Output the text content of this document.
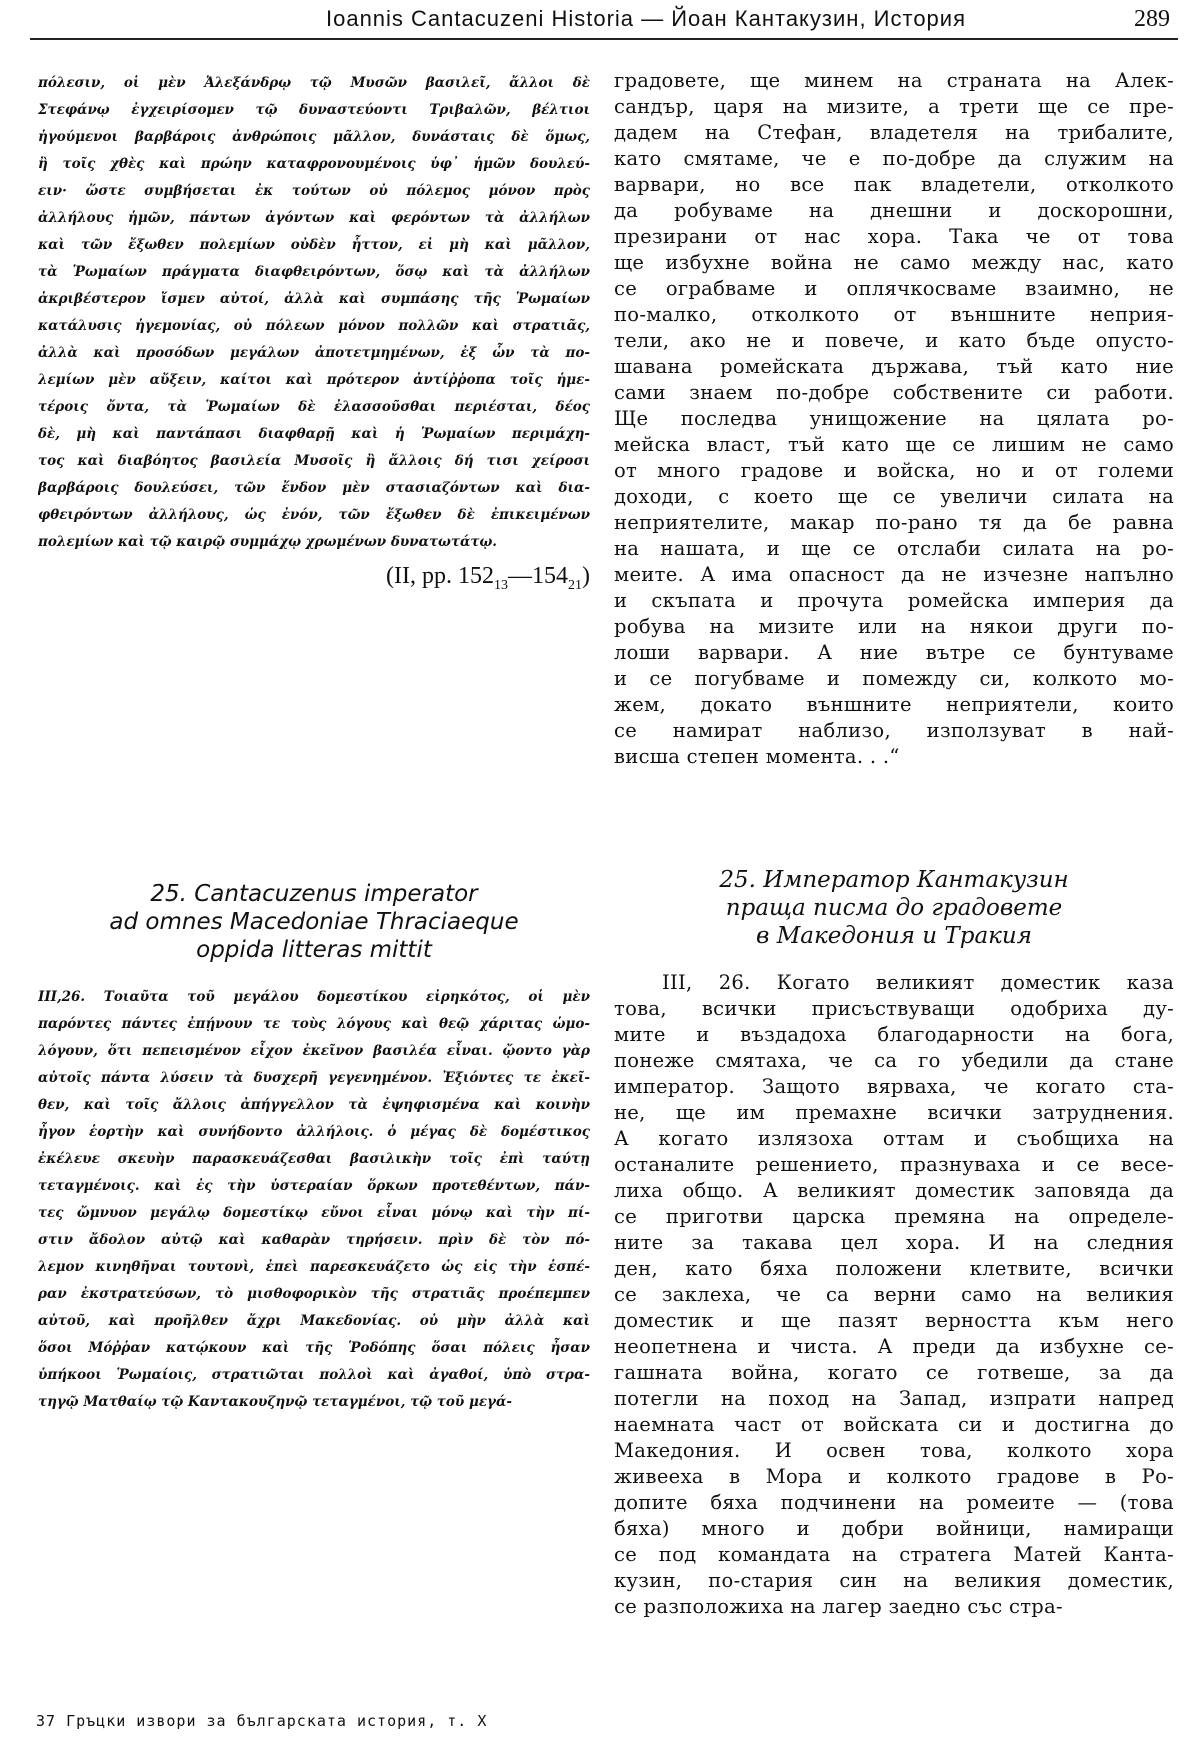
Ioannis Cantacuzeni Historia — Йоан Кантакузин, История	289

πόλεσιν, οἱ μὲν Ἀλεξάνδρῳ τῷ Μυσῶν βασιλεῖ, ἄλλοι δὲ
Στεφάνῳ ἐγχειρίσομεν τῷ δυναστεύοντι Τριβαλῶν, βέλτιοι
ἡγούμενοι βαρβάροις ἀνθρώποις μᾶλλον, δυνάσταις δὲ ὅμως,
ἢ τοῖς χθὲς καὶ πρώην καταφρονουμένοις ὑφ᾽ ἡμῶν δουλεύ-
ειν· ὥστε συμβήσεται ἐκ τούτων οὐ πόλεμος μόνον πρὸς
ἀλλήλους ἡμῶν, πάντων ἀγόντων καὶ φερόντων τὰ ἀλλήλων
καὶ τῶν ἔξωθεν πολεμίων οὐδὲν ἧττον, εἰ μὴ καὶ μᾶλλον,
τὰ Ῥωμαίων πράγματα διαφθειρόντων, ὅσῳ καὶ τὰ ἀλλήλων
ἀκριβέστερον ἴσμεν αὐτοί, ἀλλὰ καὶ συμπάσης τῆς Ῥωμαίων
κατάλυσις ἡγεμονίας, οὐ πόλεων μόνον πολλῶν καὶ στρατιᾶς,
ἀλλὰ καὶ προσόδων μεγάλων ἀποτετμημένων, ἐξ ὧν τὰ πο-
λεμίων μὲν αὔξειν, καίτοι καὶ πρότερον ἀντίῤῥοπα τοῖς ἡμε-
τέροις ὄντα, τὰ Ῥωμαίων δὲ ἐλασσοῦσθαι περιέσται, δέος
δὲ, μὴ καὶ παντάπασι διαφθαρῇ καὶ ἡ Ῥωμαίων περιμάχη-
τος καὶ διαβόητος βασιλεία Μυσοῖς ἢ ἄλλοις δή τισι χείροσι
βαρβάροις δουλεύσει, τῶν ἔνδον μὲν στασιαζόντων καὶ δια-
φθειρόντων ἀλλήλους, ὡς ἐνόν, τῶν ἔξωθεν δὲ ἐπικειμένων
πολεμίων καὶ τῷ καιρῷ συμμάχῳ χρωμένων δυνατωτάτῳ.

(II, pp. $152_{13}—154_{21}$)
градовете, ще минем на страната на Алек-
сандър, царя на мизите, а трети ще се пре-
дадем на Стефан, владетеля на трибалите,
като смятаме, че е по-добре да служим на
варвари, но все пак владетели, отколкото
да робуваме на днешни и доскорошни,
презирани от нас хора. Така че от това
ще избухне война не само между нас, като
се ограбваме и оплячкосваме взаимно, не
по-малко, отколкото от външните неприя-
тели, ако не и повече, и като бъде опусто-
шавана ромейската държава, тъй като ние
сами знаем по-добре собствените си работи.
Ще последва унищожение на цялата ро-
мейска власт, тъй като ще се лишим не само
от много градове и войска, но и от големи
доходи, с което ще се увеличи силата на
неприятелите, макар по-рано тя да бе равна
на нашата, и ще се отслаби силата на ро-
меите. А има опасност да не изчезне напълно
и скъпата и прочута ромейска империя да
робува на мизите или на някои други по-
лоши варвари. А ние вътре се бунтуваме
и се погубваме и помежду си, колкото мо-
жем, докато външните неприятели, които
се намират наблизо, използуват в най-
висша степен момента. . .“
25. Cantacuzenus imperator
ad omnes Macedoniae Thraciaeque
oppida litteras mittit
25. Император Кантакузин
праща писма до градовете
в Македония и Тракия

III,26. Τοιαῦτα τοῦ μεγάλου δομεστίκου εἰρηκότος, οἱ μὲν
παρόντες πάντες ἐπῄνουν τε τοὺς λόγους καὶ θεῷ χάριτας ὡμο-
λόγουν, ὅτι πεπεισμένον εἶχον ἐκεῖνον βασιλέα εἶναι. ᾤοντο γὰρ
αὐτοῖς πάντα λύσειν τὰ δυσχερῆ γεγενημένον. Ἐξιόντες τε ἐκεῖ-
θεν, καὶ τοῖς ἄλλοις ἀπήγγελλον τὰ ἐψηφισμένα καὶ κοινὴν
ἦγον ἑορτὴν καὶ συνήδοντο ἀλλήλοις. ὁ μέγας δὲ δομέστικος
ἐκέλευε σκευὴν παρασκευάζεσθαι βασιλικὴν τοῖς ἐπὶ ταύτῃ
τεταγμένοις. καὶ ἐς τὴν ὑστεραίαν ὅρκων προτεθέντων, πάν-
τες ὤμνυον μεγάλῳ δομεστίκῳ εὔνοι εἶναι μόνῳ καὶ τὴν πί-
στιν ἄδολον αὐτῷ καὶ καθαρὰν τηρήσειν. πρὶν δὲ τὸν πό-
λεμον κινηθῆναι τουτονὶ, ἐπεὶ παρεσκευάζετο ὡς εἰς τὴν ἑσπέ-
ραν ἐκστρατεύσων, τὸ μισθοφορικὸν τῆς στρατιᾶς προέπεμπεν
αὐτοῦ, καὶ προῆλθεν ἄχρι Μακεδονίας. οὐ μὴν ἀλλὰ καὶ
ὅσοι Μόῤῥαν κατῴκουν καὶ τῆς Ῥοδόπης ὅσαι πόλεις ἦσαν
ὑπήκοοι Ῥωμαίοις, στρατιῶται πολλοὶ καὶ ἀγαθοί, ὑπὸ στρα-
τηγῷ Ματθαίῳ τῷ Καντακουζηνῷ τεταγμένοι, τῷ τοῦ μεγά-

III, 26. Когато великият доместик каза
това, всички присъствуващи одобриха ду-
мите и въздадоха благодарности на бога,
понеже смятаха, че са го убедили да стане
император. Защото вярваха, че когато ста-
не, ще им премахне всички затруднения.
А когато излязоха оттам и съобщиха на
останалите решението, празнуваха и се весе-
лиха общо. А великият доместик заповяда да
се приготви царска премяна на определе-
ните за такава цел хора. И на следния
ден, като бяха положени клетвите, всички
се заклеха, че са верни само на великия
доместик и ще пазят верността към него
неопетнена и чиста. А преди да избухне се-
гашната война, когато се готвеше, за да
потегли на поход на Запад, изпрати напред
наемната част от войската си и достигна до
Македония. И освен това, колкото хора
живееха в Мора и колкото градове в Ро-
допите бяха подчинени на ромеите — (това
бяха) много и добри войници, намиращи
се под командата на стратега Матей Канта-
кузин, по-стария син на великия доместик,
се разположиха на лагер заедно със стра-
37 Гръцки извори за българската история, т. X
